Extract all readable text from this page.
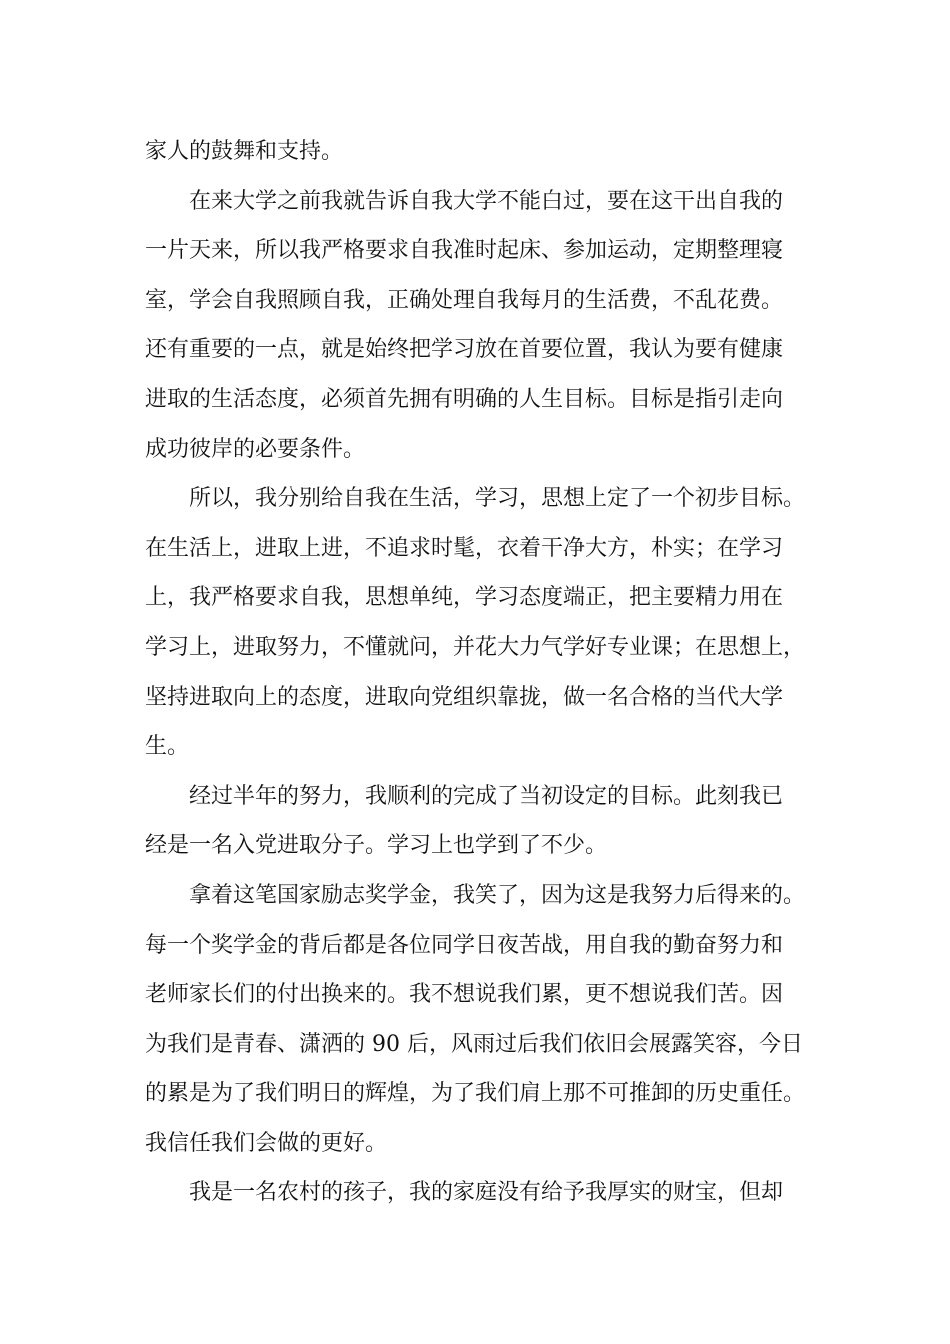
家人的鼓舞和支持。
在来大学之前我就告诉自我大学不能白过，要在这干出自我的
一片天来，所以我严格要求自我准时起床、参加运动，定期整理寝
室，学会自我照顾自我，正确处理自我每月的生活费，不乱花费。
还有重要的一点，就是始终把学习放在首要位置，我认为要有健康
进取的生活态度，必须首先拥有明确的人生目标。目标是指引走向
成功彼岸的必要条件。
所以，我分别给自我在生活，学习，思想上定了一个初步目标。
在生活上，进取上进，不追求时髦，衣着干净大方，朴实；在学习
上，我严格要求自我，思想单纯，学习态度端正，把主要精力用在
学习上，进取努力，不懂就问，并花大力气学好专业课；在思想上，
坚持进取向上的态度，进取向党组织靠拢，做一名合格的当代大学
生。
经过半年的努力，我顺利的完成了当初设定的目标。此刻我已
经是一名入党进取分子。学习上也学到了不少。
拿着这笔国家励志奖学金，我笑了，因为这是我努力后得来的。
每一个奖学金的背后都是各位同学日夜苦战，用自我的勤奋努力和
老师家长们的付出换来的。我不想说我们累，更不想说我们苦。因
为我们是青春、潇洒的 90 后，风雨过后我们依旧会展露笑容，今日
的累是为了我们明日的辉煌，为了我们肩上那不可推卸的历史重任。
我信任我们会做的更好。
我是一名农村的孩子，我的家庭没有给予我厚实的财宝，但却
